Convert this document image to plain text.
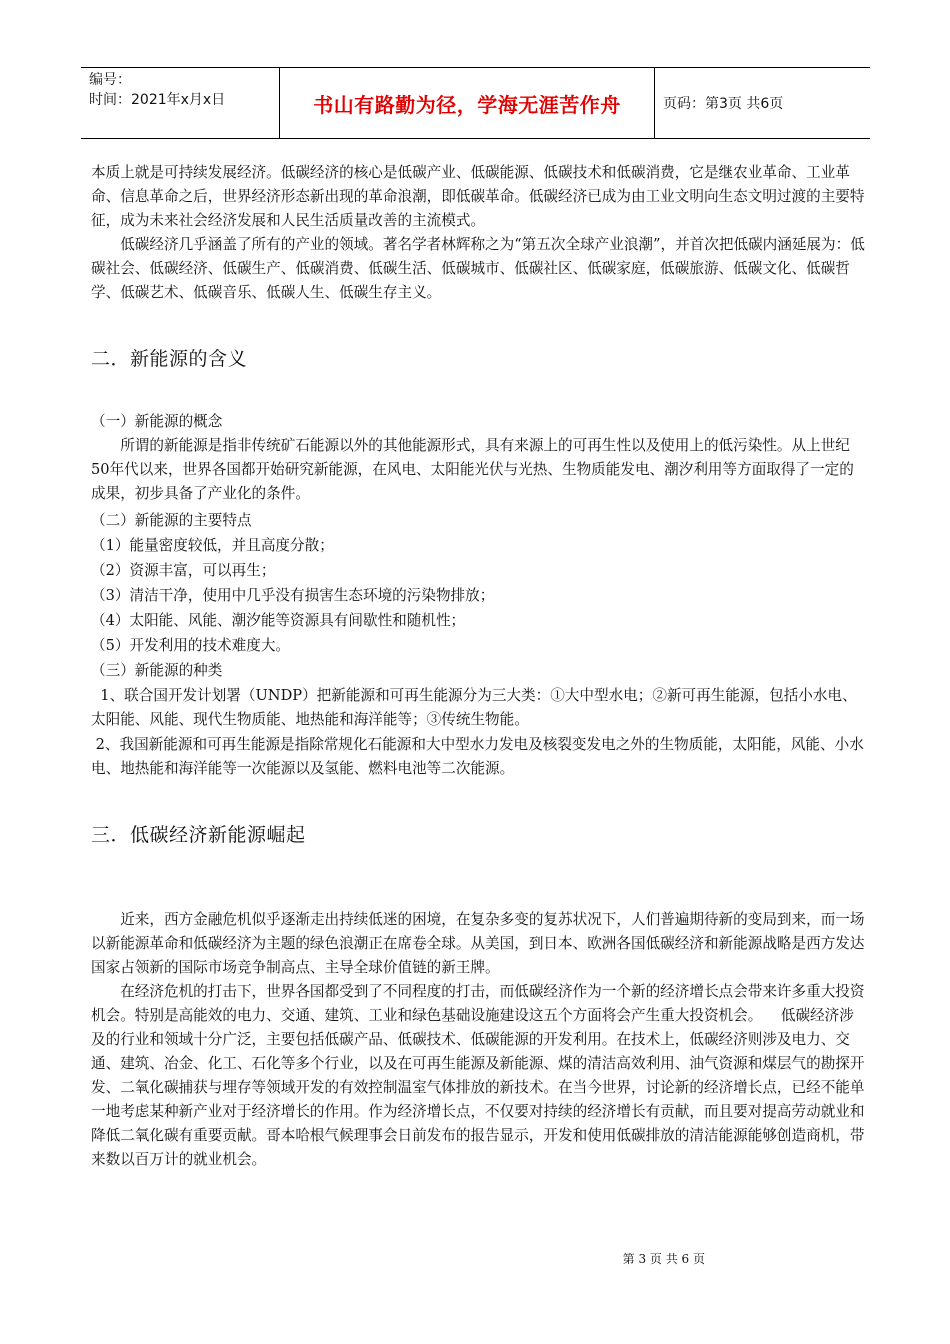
编号：
时间：2021年x月x日	书山有路勤为径，学海无涯苦作舟	页码：第3页 共6页

本质上就是可持续发展经济。低碳经济的核心是低碳产业、低碳能源、低碳技术和低碳消费，它是继农业革命、工业革命、信息革命之后，世界经济形态新出现的革命浪潮，即低碳革命。低碳经济已成为由工业文明向生态文明过渡的主要特征，成为未来社会经济发展和人民生活质量改善的主流模式。

低碳经济几乎涵盖了所有的产业的领域。著名学者林辉称之为“第五次全球产业浪潮”，并首次把低碳内涵延展为：低碳社会、低碳经济、低碳生产、低碳消费、低碳生活、低碳城市、低碳社区、低碳家庭，低碳旅游、低碳文化、低碳哲学、低碳艺术、低碳音乐、低碳人生、低碳生存主义。

二．新能源的含义

（一）新能源的概念

所谓的新能源是指非传统矿石能源以外的其他能源形式，具有来源上的可再生性以及使用上的低污染性。从上世纪50年代以来，世界各国都开始研究新能源，在风电、太阳能光伏与光热、生物质能发电、潮汐利用等方面取得了一定的成果，初步具备了产业化的条件。

（二）新能源的主要特点

（1）能量密度较低，并且高度分散；

（2）资源丰富，可以再生；

（3）清洁干净，使用中几乎没有损害生态环境的污染物排放；

（4）太阳能、风能、潮汐能等资源具有间歇性和随机性；

（5）开发利用的技术难度大。

（三）新能源的种类

1、联合国开发计划署（UNDP）把新能源和可再生能源分为三大类：①大中型水电；②新可再生能源，包括小水电、太阳能、风能、现代生物质能、地热能和海洋能等；③传统生物能。

2、我国新能源和可再生能源是指除常规化石能源和大中型水力发电及核裂变发电之外的生物质能，太阳能，风能、小水电、地热能和海洋能等一次能源以及氢能、燃料电池等二次能源。

三．低碳经济新能源崛起

近来，西方金融危机似乎逐渐走出持续低迷的困境，在复杂多变的复苏状况下，人们普遍期待新的变局到来，而一场以新能源革命和低碳经济为主题的绿色浪潮正在席卷全球。从美国，到日本、欧洲各国低碳经济和新能源战略是西方发达国家占领新的国际市场竞争制高点、主导全球价值链的新王牌。

在经济危机的打击下，世界各国都受到了不同程度的打击，而低碳经济作为一个新的经济增长点会带来许多重大投资机会。特别是高能效的电力、交通、建筑、工业和绿色基础设施建设这五个方面将会产生重大投资机会。    低碳经济涉及的行业和领域十分广泛，主要包括低碳产品、低碳技术、低碳能源的开发利用。在技术上，低碳经济则涉及电力、交通、建筑、冶金、化工、石化等多个行业，以及在可再生能源及新能源、煤的清洁高效利用、油气资源和煤层气的勘探开发、二氧化碳捕获与埋存等领域开发的有效控制温室气体排放的新技术。在当今世界，讨论新的经济增长点，已经不能单一地考虑某种新产业对于经济增长的作用。作为经济增长点，不仅要对持续的经济增长有贡献，而且要对提高劳动就业和降低二氧化碳有重要贡献。哥本哈根气候理事会日前发布的报告显示，开发和使用低碳排放的清洁能源能够创造商机，带来数以百万计的就业机会。

第 3 页 共 6 页
